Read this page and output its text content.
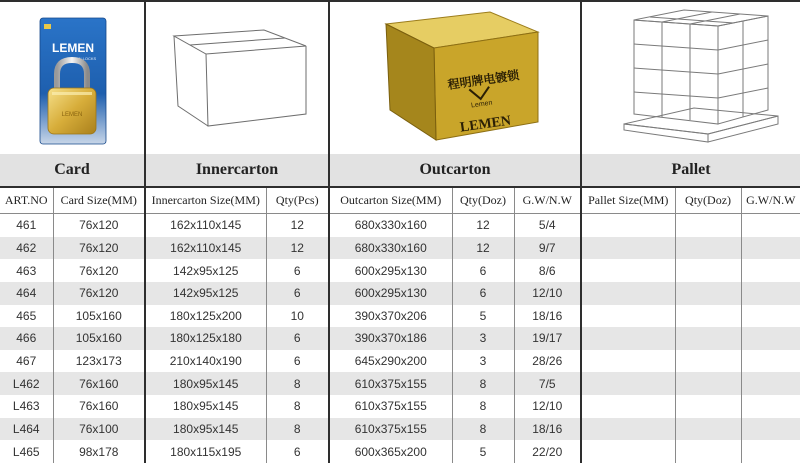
LEMEN
LEMEN LOCKS
LEMEN
程明牌电镀锁
Lemen
LEMEN
Card		Innercarton		Outcarton			Pallet		
ART.NO	Card Size(MM)	Innercarton Size(MM)	Qty(Pcs)	Outcarton Size(MM)	Qty(Doz)	G.W/N.W	Pallet Size(MM)	Qty(Doz)	G.W/N.W
461	76x120	162x110x145	12	680x330x160	12	5/4			
462	76x120	162x110x145	12	680x330x160	12	9/7			
463	76x120	142x95x125	6	600x295x130	6	8/6			
464	76x120	142x95x125	6	600x295x130	6	12/10			
465	105x160	180x125x200	10	390x370x206	5	18/16			
466	105x160	180x125x180	6	390x370x186	3	19/17			
467	123x173	210x140x190	6	645x290x200	3	28/26			
L462	76x160	180x95x145	8	610x375x155	8	7/5			
L463	76x160	180x95x145	8	610x375x155	8	12/10			
L464	76x100	180x95x145	8	610x375x155	8	18/16			
L465	98x178	180x115x195	6	600x365x200	5	22/20			
